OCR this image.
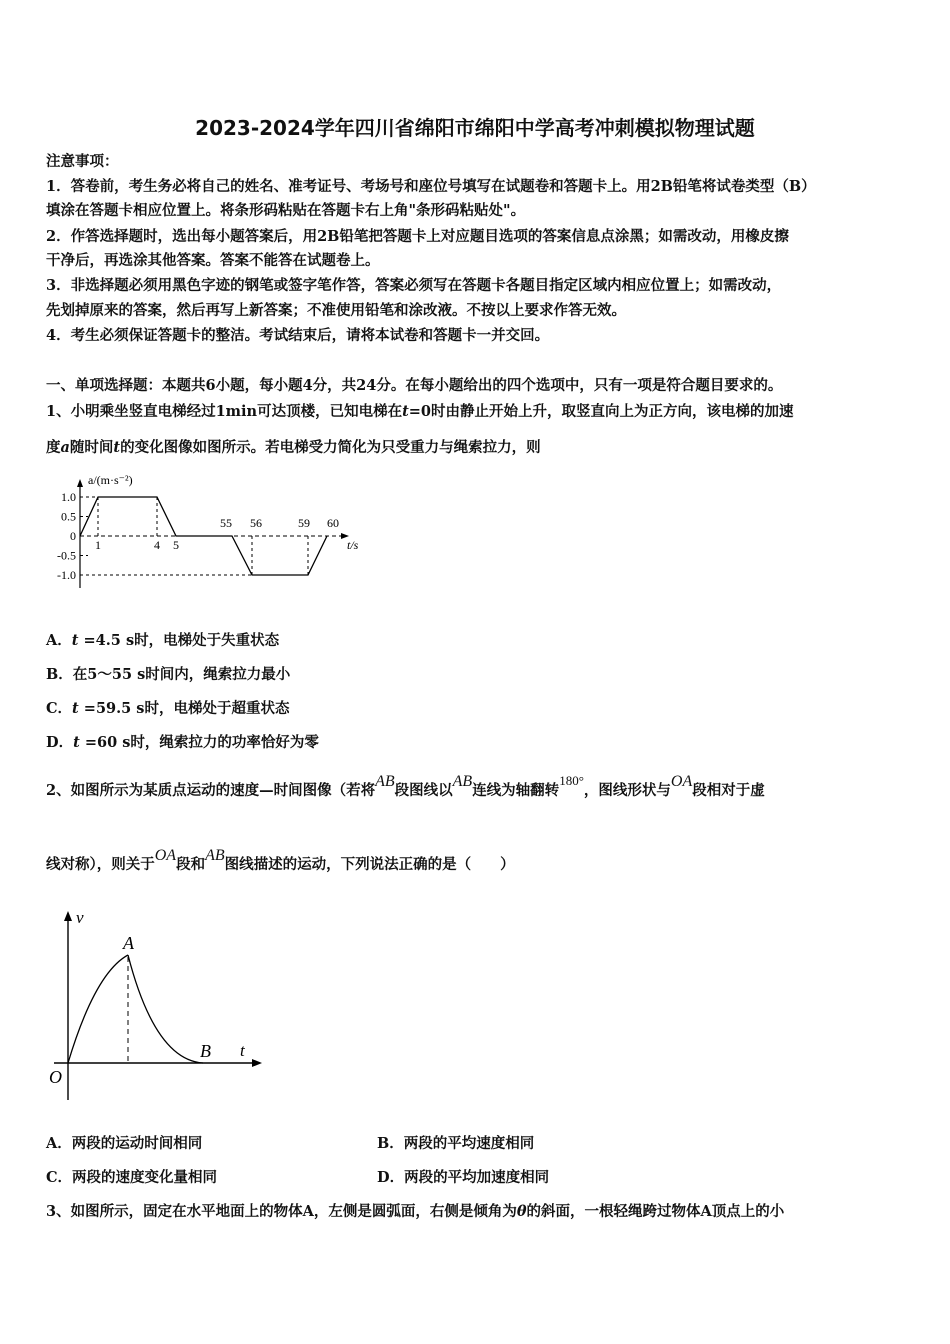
2023-2024学年四川省绵阳市绵阳中学高考冲刺模拟物理试题
注意事项：
1．答卷前，考生务必将自己的姓名、准考证号、考场号和座位号填写在试题卷和答题卡上。用2B铅笔将试卷类型（B）
填涂在答题卡相应位置上。将条形码粘贴在答题卡右上角"条形码粘贴处"。
2．作答选择题时，选出每小题答案后，用2B铅笔把答题卡上对应题目选项的答案信息点涂黑；如需改动，用橡皮擦
干净后，再选涂其他答案。答案不能答在试题卷上。
3．非选择题必须用黑色字迹的钢笔或签字笔作答，答案必须写在答题卡各题目指定区域内相应位置上；如需改动，
先划掉原来的答案，然后再写上新答案；不准使用铅笔和涂改液。不按以上要求作答无效。
4．考生必须保证答题卡的整洁。考试结束后，请将本试卷和答题卡一并交回。
一、单项选择题：本题共6小题，每小题4分，共24分。在每小题给出的四个选项中，只有一项是符合题目要求的。
1、小明乘坐竖直电梯经过1min可达顶楼，已知电梯在t=0时由静止开始上升，取竖直向上为正方向，该电梯的加速
度a随时间t的变化图像如图所示。若电梯受力简化为只受重力与绳索拉力，则
1.0
0.5
0
-0.5
-1.0
1	4 5
55 56	59 60
t/s
a/(m·s⁻²)
A．t =4.5 s时，电梯处于失重状态
B．在5～55 s时间内，绳索拉力最小
C．t =59.5 s时，电梯处于超重状态
D．t =60 s时，绳索拉力的功率恰好为零
2、如图所示为某质点运动的速度—时间图像（若将AB段图线以AB连线为轴翻转180°，图线形状与OA段相对于虚
线对称），则关于OA段和AB图线描述的运动，下列说法正确的是（　　）
v
t
O
A
B
A．两段的运动时间相同	B．两段的平均速度相同
C．两段的速度变化量相同	D．两段的平均加速度相同
3、如图所示，固定在水平地面上的物体A，左侧是圆弧面，右侧是倾角为θ的斜面，一根轻绳跨过物体A顶点上的小
